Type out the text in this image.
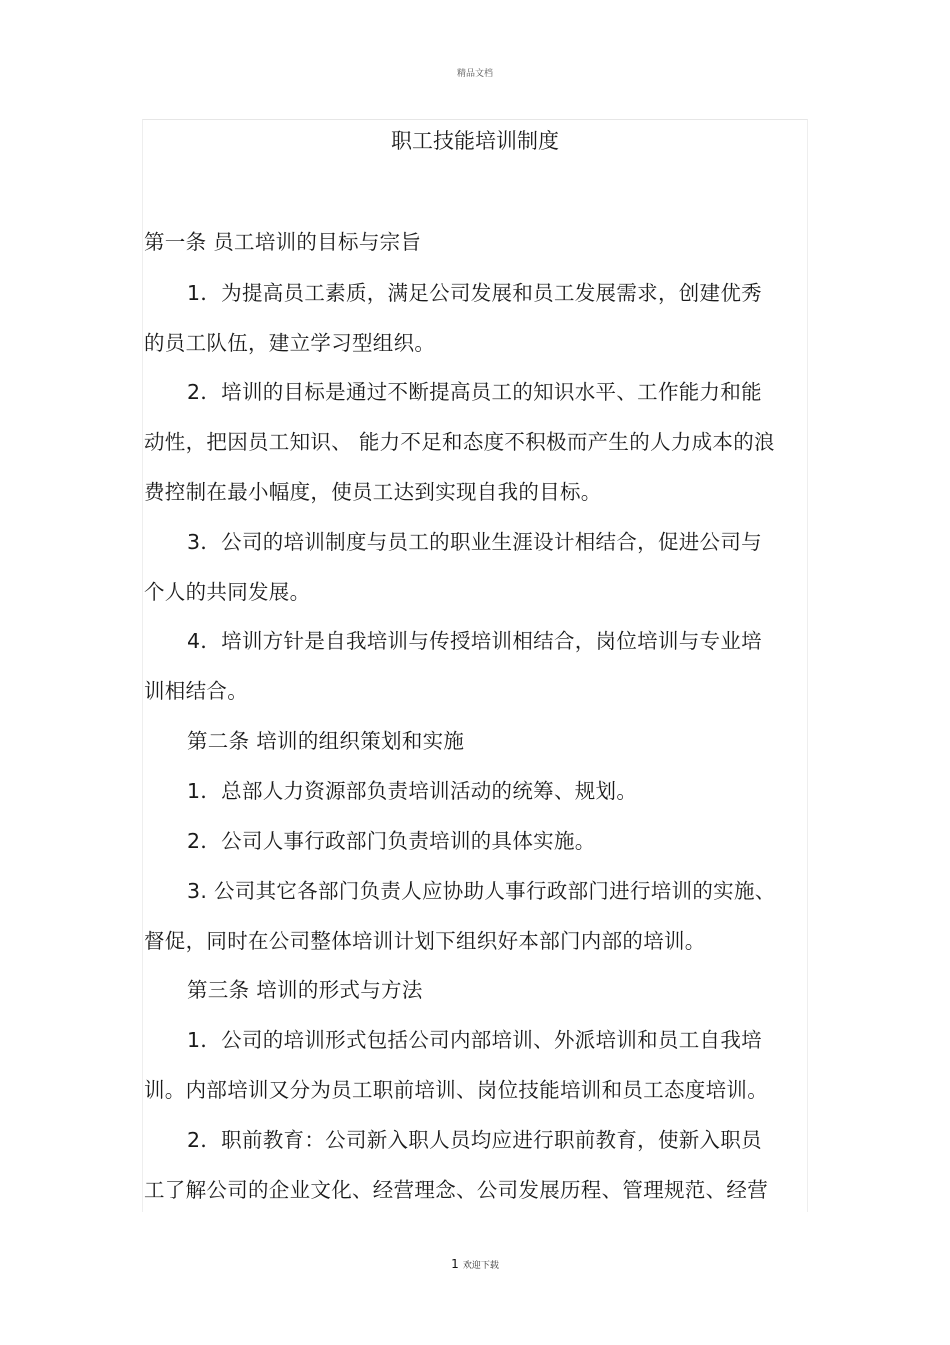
精品文档
职工技能培训制度
第一条 员工培训的目标与宗旨
1．为提高员工素质，满足公司发展和员工发展需求，创建优秀
的员工队伍，建立学习型组织。
2．培训的目标是通过不断提高员工的知识水平、工作能力和能
动性，把因员工知识、 能力不足和态度不积极而产生的人力成本的浪
费控制在最小幅度，使员工达到实现自我的目标。
3．公司的培训制度与员工的职业生涯设计相结合，促进公司与
个人的共同发展。
4．培训方针是自我培训与传授培训相结合，岗位培训与专业培
训相结合。
第二条 培训的组织策划和实施
1．总部人力资源部负责培训活动的统筹、规划。
2．公司人事行政部门负责培训的具体实施。
3. 公司其它各部门负责人应协助人事行政部门进行培训的实施、
督促，同时在公司整体培训计划下组织好本部门内部的培训。
第三条 培训的形式与方法
1．公司的培训形式包括公司内部培训、外派培训和员工自我培
训。内部培训又分为员工职前培训、岗位技能培训和员工态度培训。
2．职前教育：公司新入职人员均应进行职前教育，使新入职员
工了解公司的企业文化、经营理念、公司发展历程、管理规范、经营
1 欢迎下载
